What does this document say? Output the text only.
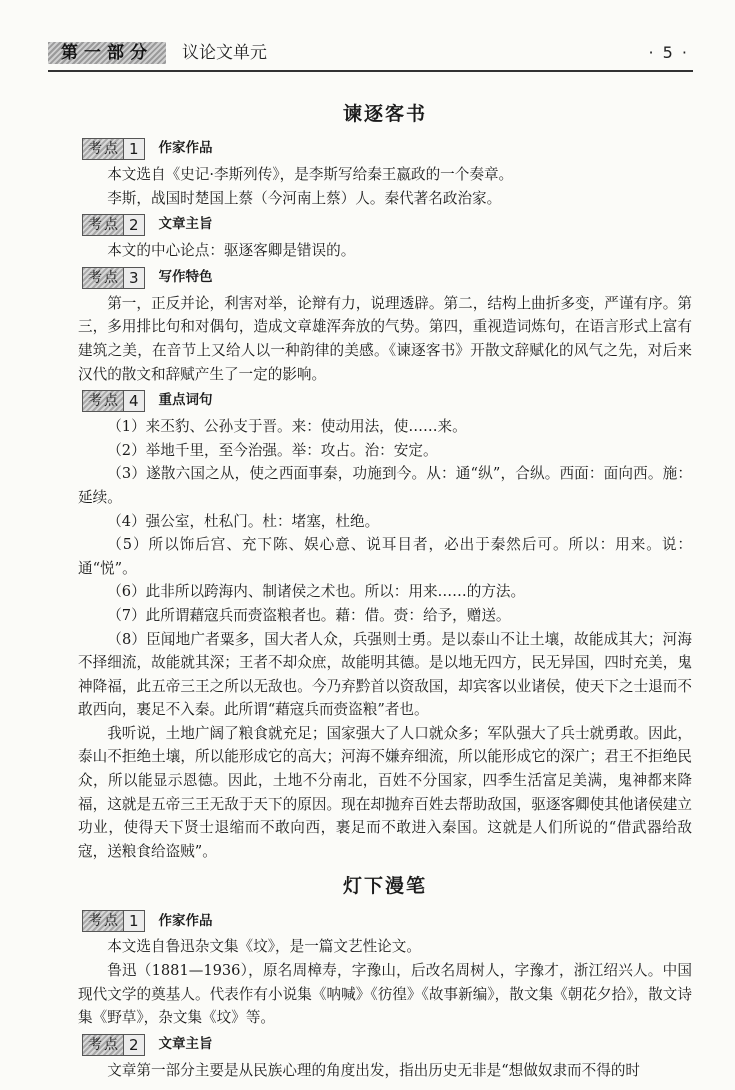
第一部分	议论文单元	· 5 ·
谏逐客书
考点 1	作家作品

本文选自《史记·李斯列传》，是李斯写给秦王嬴政的一个奏章。

李斯，战国时楚国上蔡（今河南上蔡）人。秦代著名政治家。

考点 2	文章主旨

本文的中心论点：驱逐客卿是错误的。

考点 3	写作特色

第一，正反并论，利害对举，论辩有力，说理透辟。第二，结构上曲折多变，严谨有序。第三，多用排比句和对偶句，造成文章雄浑奔放的气势。第四，重视造词炼句，在语言形式上富有建筑之美，在音节上又给人以一种韵律的美感。《谏逐客书》开散文辞赋化的风气之先，对后来汉代的散文和辞赋产生了一定的影响。

考点 4	重点词句

（1）来丕豹、公孙支于晋。来：使动用法，使……来。

（2）举地千里，至今治强。举：攻占。治：安定。

（3）遂散六国之从，使之西面事秦，功施到今。从：通“纵”，合纵。西面：面向西。施：延续。

（4）强公室，杜私门。杜：堵塞，杜绝。

（5）所以饰后宫、充下陈、娱心意、说耳目者，必出于秦然后可。所以：用来。说：通“悦”。

（6）此非所以跨海内、制诸侯之术也。所以：用来……的方法。

（7）此所谓藉寇兵而赍盗粮者也。藉：借。赍：给予，赠送。

（8）臣闻地广者粟多，国大者人众，兵强则士勇。是以泰山不让土壤，故能成其大；河海不择细流，故能就其深；王者不却众庶，故能明其德。是以地无四方，民无异国，四时充美，鬼神降福，此五帝三王之所以无敌也。今乃弃黔首以资敌国，却宾客以业诸侯，使天下之士退而不敢西向，裹足不入秦。此所谓“藉寇兵而赍盗粮”者也。

我听说，土地广阔了粮食就充足；国家强大了人口就众多；军队强大了兵士就勇敢。因此，泰山不拒绝土壤，所以能形成它的高大；河海不嫌弃细流，所以能形成它的深广；君王不拒绝民众，所以能显示恩德。因此，土地不分南北，百姓不分国家，四季生活富足美满，鬼神都来降福，这就是五帝三王无敌于天下的原因。现在却抛弃百姓去帮助敌国，驱逐客卿使其他诸侯建立功业，使得天下贤士退缩而不敢向西，裹足而不敢进入秦国。这就是人们所说的“借武器给敌寇，送粮食给盗贼”。

灯下漫笔
考点 1	作家作品

本文选自鲁迅杂文集《坟》，是一篇文艺性论文。

鲁迅（1881—1936），原名周樟寿，字豫山，后改名周树人，字豫才，浙江绍兴人。中国现代文学的奠基人。代表作有小说集《呐喊》《彷徨》《故事新编》，散文集《朝花夕拾》，散文诗集《野草》，杂文集《坟》等。

考点 2	文章主旨

文章第一部分主要是从民族心理的角度出发，指出历史无非是“想做奴隶而不得的时
